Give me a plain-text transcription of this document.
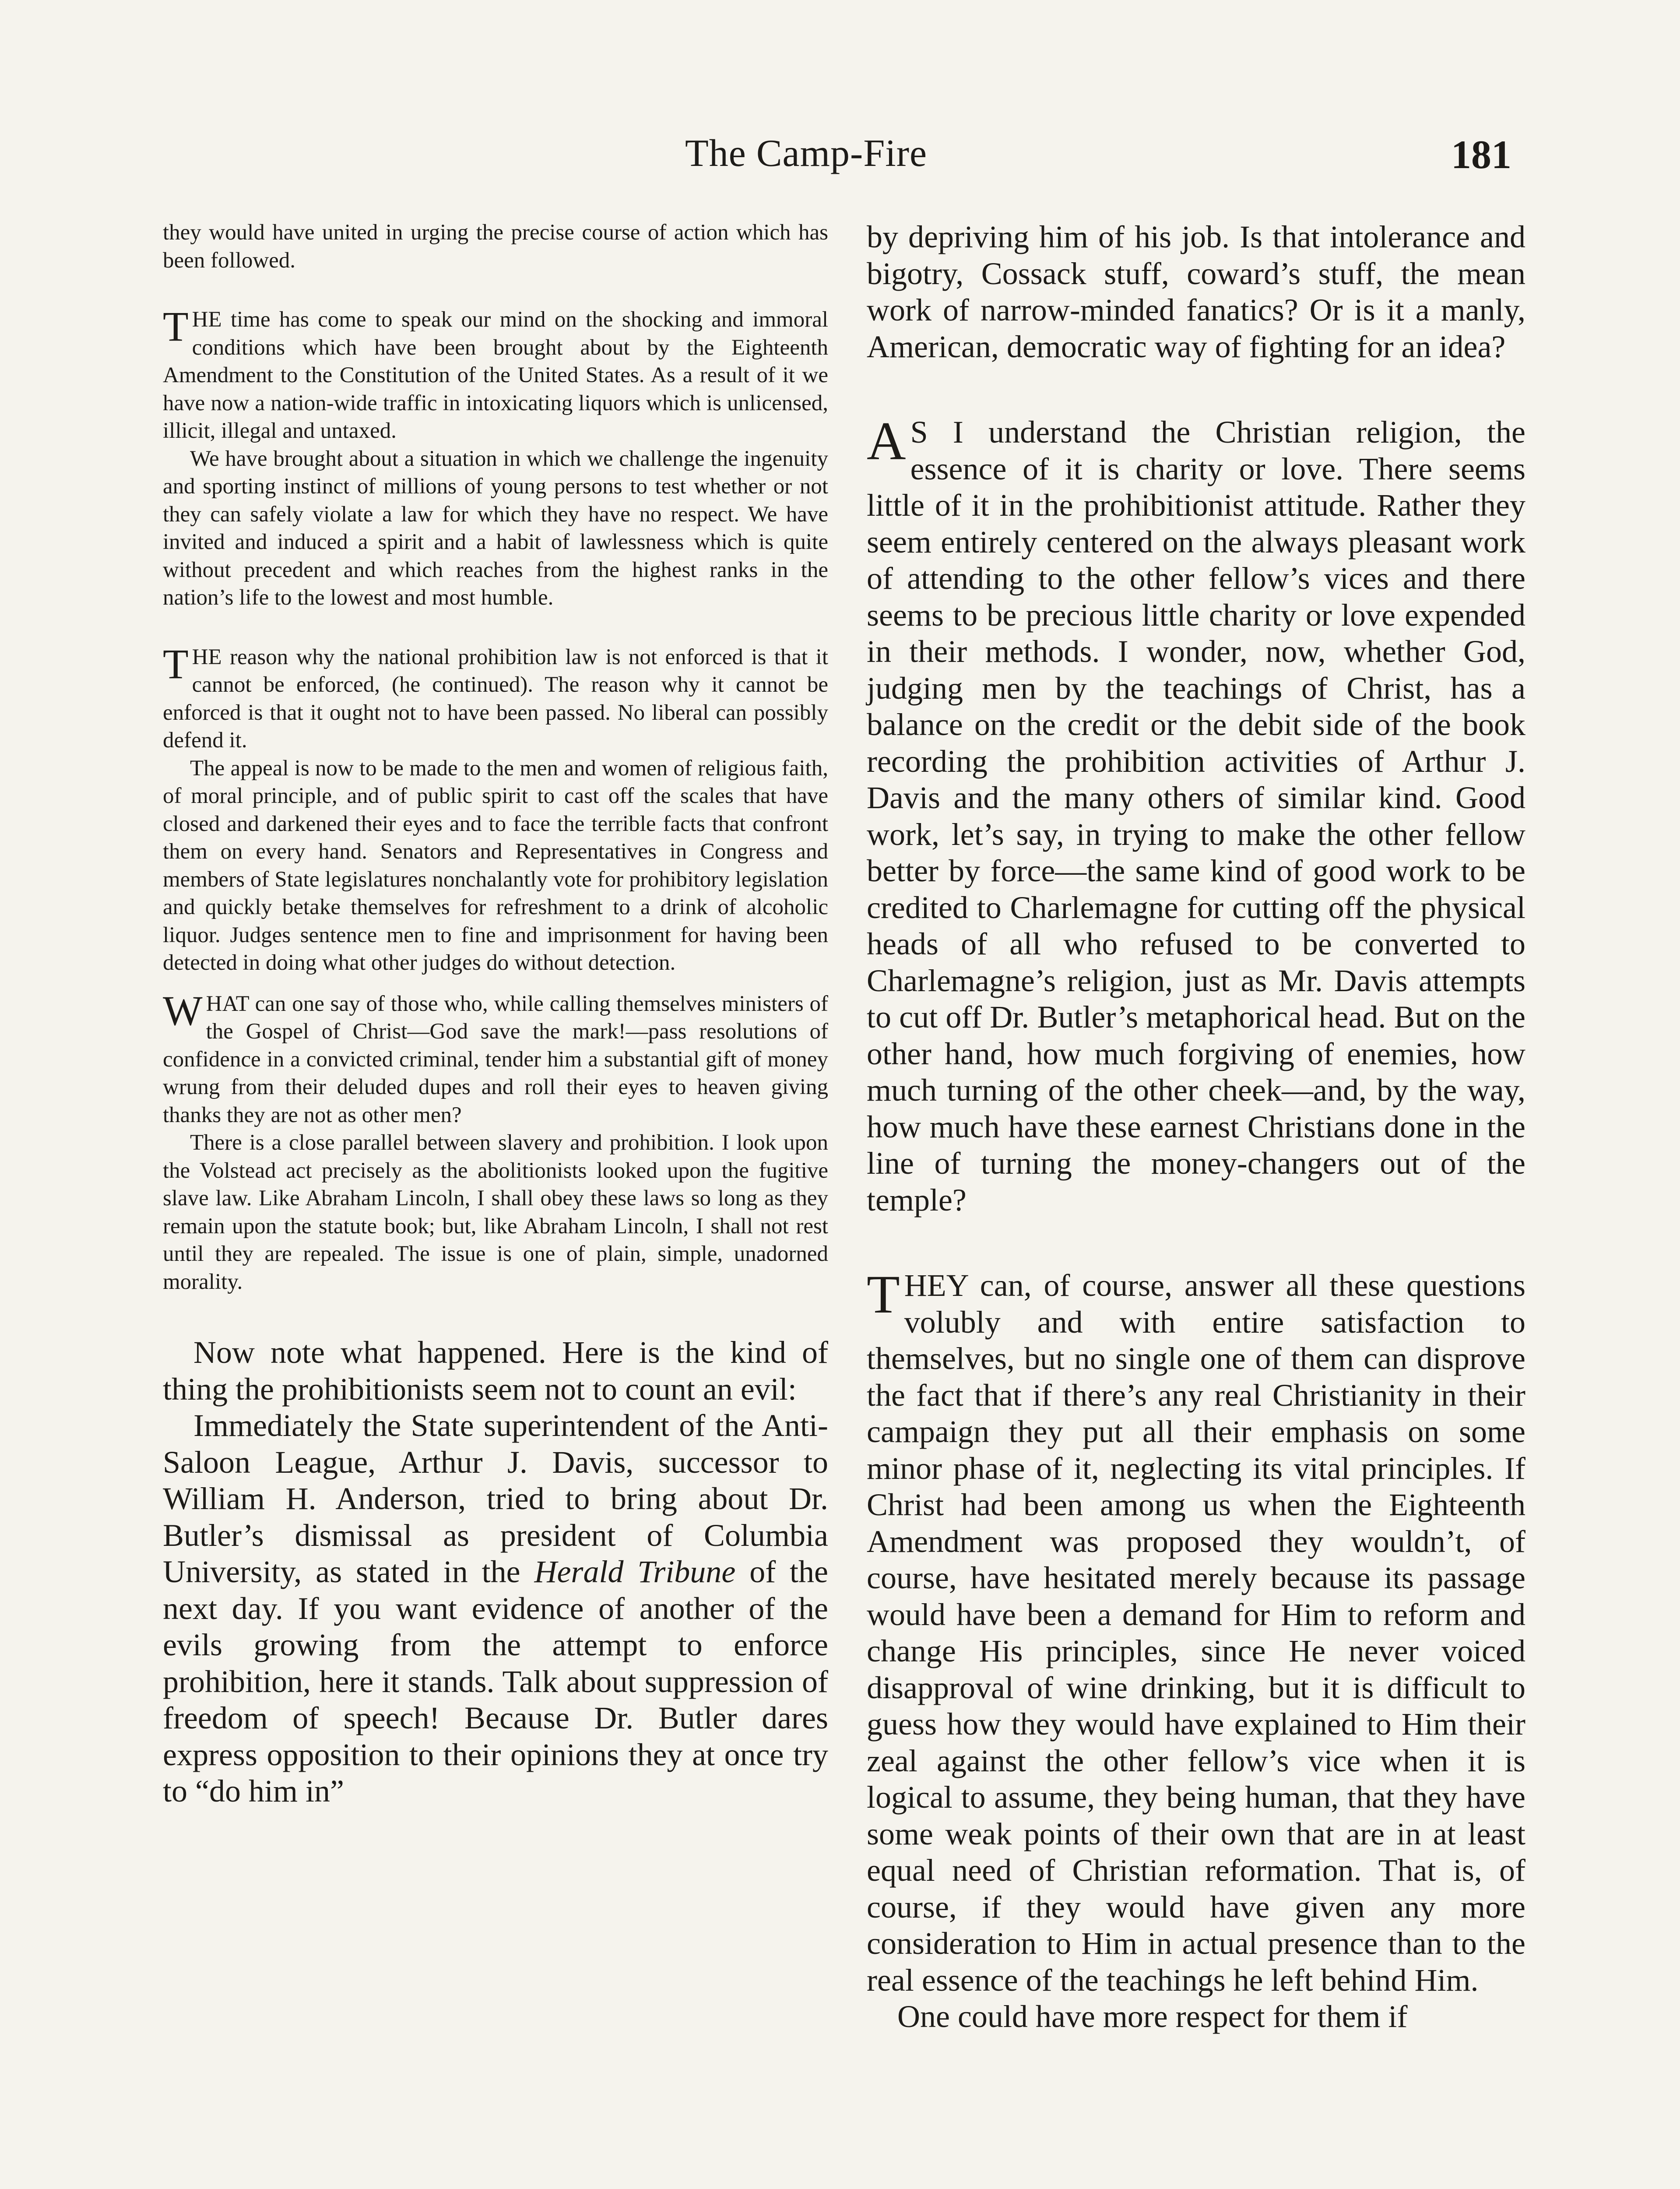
The Camp-Fire	181

they would have united in urging the precise course of action which has been followed.

THE time has come to speak our mind on the shocking and immoral conditions which have been brought about by the Eighteenth Amendment to the Constitution of the United States. As a result of it we have now a nation-wide traffic in intoxicating liquors which is unlicensed, illicit, illegal and untaxed.

We have brought about a situation in which we challenge the ingenuity and sporting instinct of millions of young persons to test whether or not they can safely violate a law for which they have no respect. We have invited and induced a spirit and a habit of lawlessness which is quite without precedent and which reaches from the highest ranks in the nation’s life to the lowest and most humble.

THE reason why the national prohibition law is not enforced is that it cannot be enforced, (he continued). The reason why it cannot be enforced is that it ought not to have been passed. No liberal can possibly defend it.

The appeal is now to be made to the men and women of religious faith, of moral principle, and of public spirit to cast off the scales that have closed and darkened their eyes and to face the terrible facts that confront them on every hand. Senators and Representatives in Congress and members of State legislatures nonchalantly vote for prohibitory legislation and quickly betake themselves for refreshment to a drink of alcoholic liquor. Judges sentence men to fine and imprisonment for having been detected in doing what other judges do without detection.

WHAT can one say of those who, while calling themselves ministers of the Gospel of Christ—God save the mark!—pass resolutions of confidence in a convicted criminal, tender him a substantial gift of money wrung from their deluded dupes and roll their eyes to heaven giving thanks they are not as other men?

There is a close parallel between slavery and prohibition. I look upon the Volstead act precisely as the abolitionists looked upon the fugitive slave law. Like Abraham Lincoln, I shall obey these laws so long as they remain upon the statute book; but, like Abraham Lincoln, I shall not rest until they are repealed. The issue is one of plain, simple, unadorned morality.

Now note what happened. Here is the kind of thing the prohibitionists seem not to count an evil:

Immediately the State superintendent of the Anti-Saloon League, Arthur J. Davis, successor to William H. Anderson, tried to bring about Dr. Butler’s dismissal as president of Columbia University, as stated in the Herald Tribune of the next day. If you want evidence of another of the evils growing from the attempt to enforce prohibition, here it stands. Talk about suppression of freedom of speech! Because Dr. Butler dares express opposition to their opinions they at once try to “do him in”

by depriving him of his job. Is that intolerance and bigotry, Cossack stuff, coward’s stuff, the mean work of narrow-minded fanatics? Or is it a manly, American, democratic way of fighting for an idea?

A S I understand the Christian religion, the essence of it is charity or love. There seems little of it in the prohibitionist attitude. Rather they seem entirely centered on the always pleasant work of attending to the other fellow’s vices and there seems to be precious little charity or love expended in their methods. I wonder, now, whether God, judging men by the teachings of Christ, has a balance on the credit or the debit side of the book recording the prohibition activities of Arthur J. Davis and the many others of similar kind. Good work, let’s say, in trying to make the other fellow better by force—the same kind of good work to be credited to Charlemagne for cutting off the physical heads of all who refused to be converted to Charlemagne’s religion, just as Mr. Davis attempts to cut off Dr. Butler’s metaphorical head. But on the other hand, how much forgiving of enemies, how much turning of the other cheek—and, by the way, how much have these earnest Christians done in the line of turning the money-changers out of the temple?

THEY can, of course, answer all these questions volubly and with entire satisfaction to themselves, but no single one of them can disprove the fact that if there’s any real Christianity in their campaign they put all their emphasis on some minor phase of it, neglecting its vital principles. If Christ had been among us when the Eighteenth Amendment was proposed they wouldn’t, of course, have hesitated merely because its passage would have been a demand for Him to reform and change His principles, since He never voiced disapproval of wine drinking, but it is difficult to guess how they would have explained to Him their zeal against the other fellow’s vice when it is logical to assume, they being human, that they have some weak points of their own that are in at least equal need of Christian reformation. That is, of course, if they would have given any more consideration to Him in actual presence than to the real essence of the teachings he left behind Him.

One could have more respect for them if
